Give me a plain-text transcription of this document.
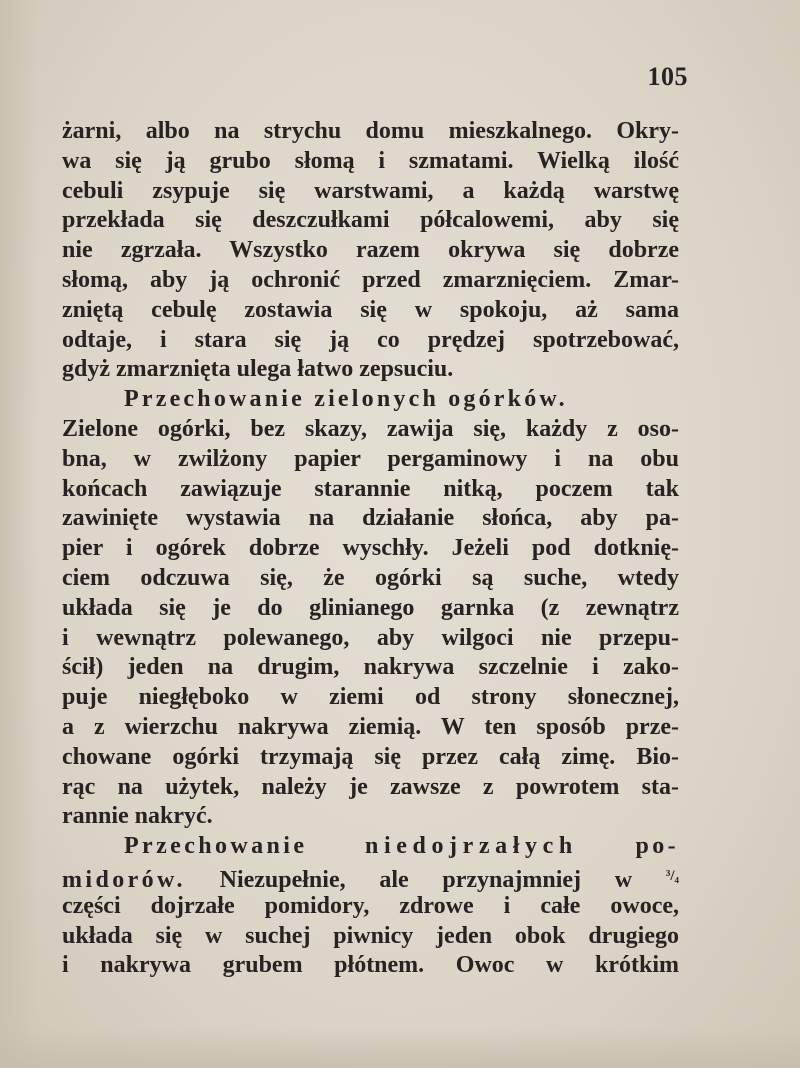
105
żarni, albo na strychu domu mieszkalnego. Okry-
wa się ją grubo słomą i szmatami. Wielką ilość
cebuli zsypuje się warstwami, a każdą warstwę
przekłada się deszczułkami półcalowemi, aby się
nie zgrzała. Wszystko razem okrywa się dobrze
słomą, aby ją ochronić przed zmarznięciem. Zmar-
zniętą cebulę zostawia się w spokoju, aż sama
odtaje, i stara się ją co prędzej spotrzebować,
gdyż zmarznięta ulega łatwo zepsuciu.
Przechowanie zielonych ogórków.
Zielone ogórki, bez skazy, zawija się, każdy z oso-
bna, w zwilżony papier pergaminowy i na obu
końcach zawiązuje starannie nitką, poczem tak
zawinięte wystawia na działanie słońca, aby pa-
pier i ogórek dobrze wyschły. Jeżeli pod dotknię-
ciem odczuwa się, że ogórki są suche, wtedy
układa się je do glinianego garnka (z zewnątrz
i wewnątrz polewanego, aby wilgoci nie przepu-
ścił) jeden na drugim, nakrywa szczelnie i zako-
puje niegłęboko w ziemi od strony słonecznej,
a z wierzchu nakrywa ziemią. W ten sposób prze-
chowane ogórki trzymają się przez całą zimę. Bio-
rąc na użytek, należy je zawsze z powrotem sta-
rannie nakryć.
Przechowanie niedojrzałych po-
midorów. Niezupełnie, ale przynajmniej w $^{^3/_4}$
części dojrzałe pomidory, zdrowe i całe owoce,
układa się w suchej piwnicy jeden obok drugiego
i nakrywa grubem płótnem. Owoc w krótkim
